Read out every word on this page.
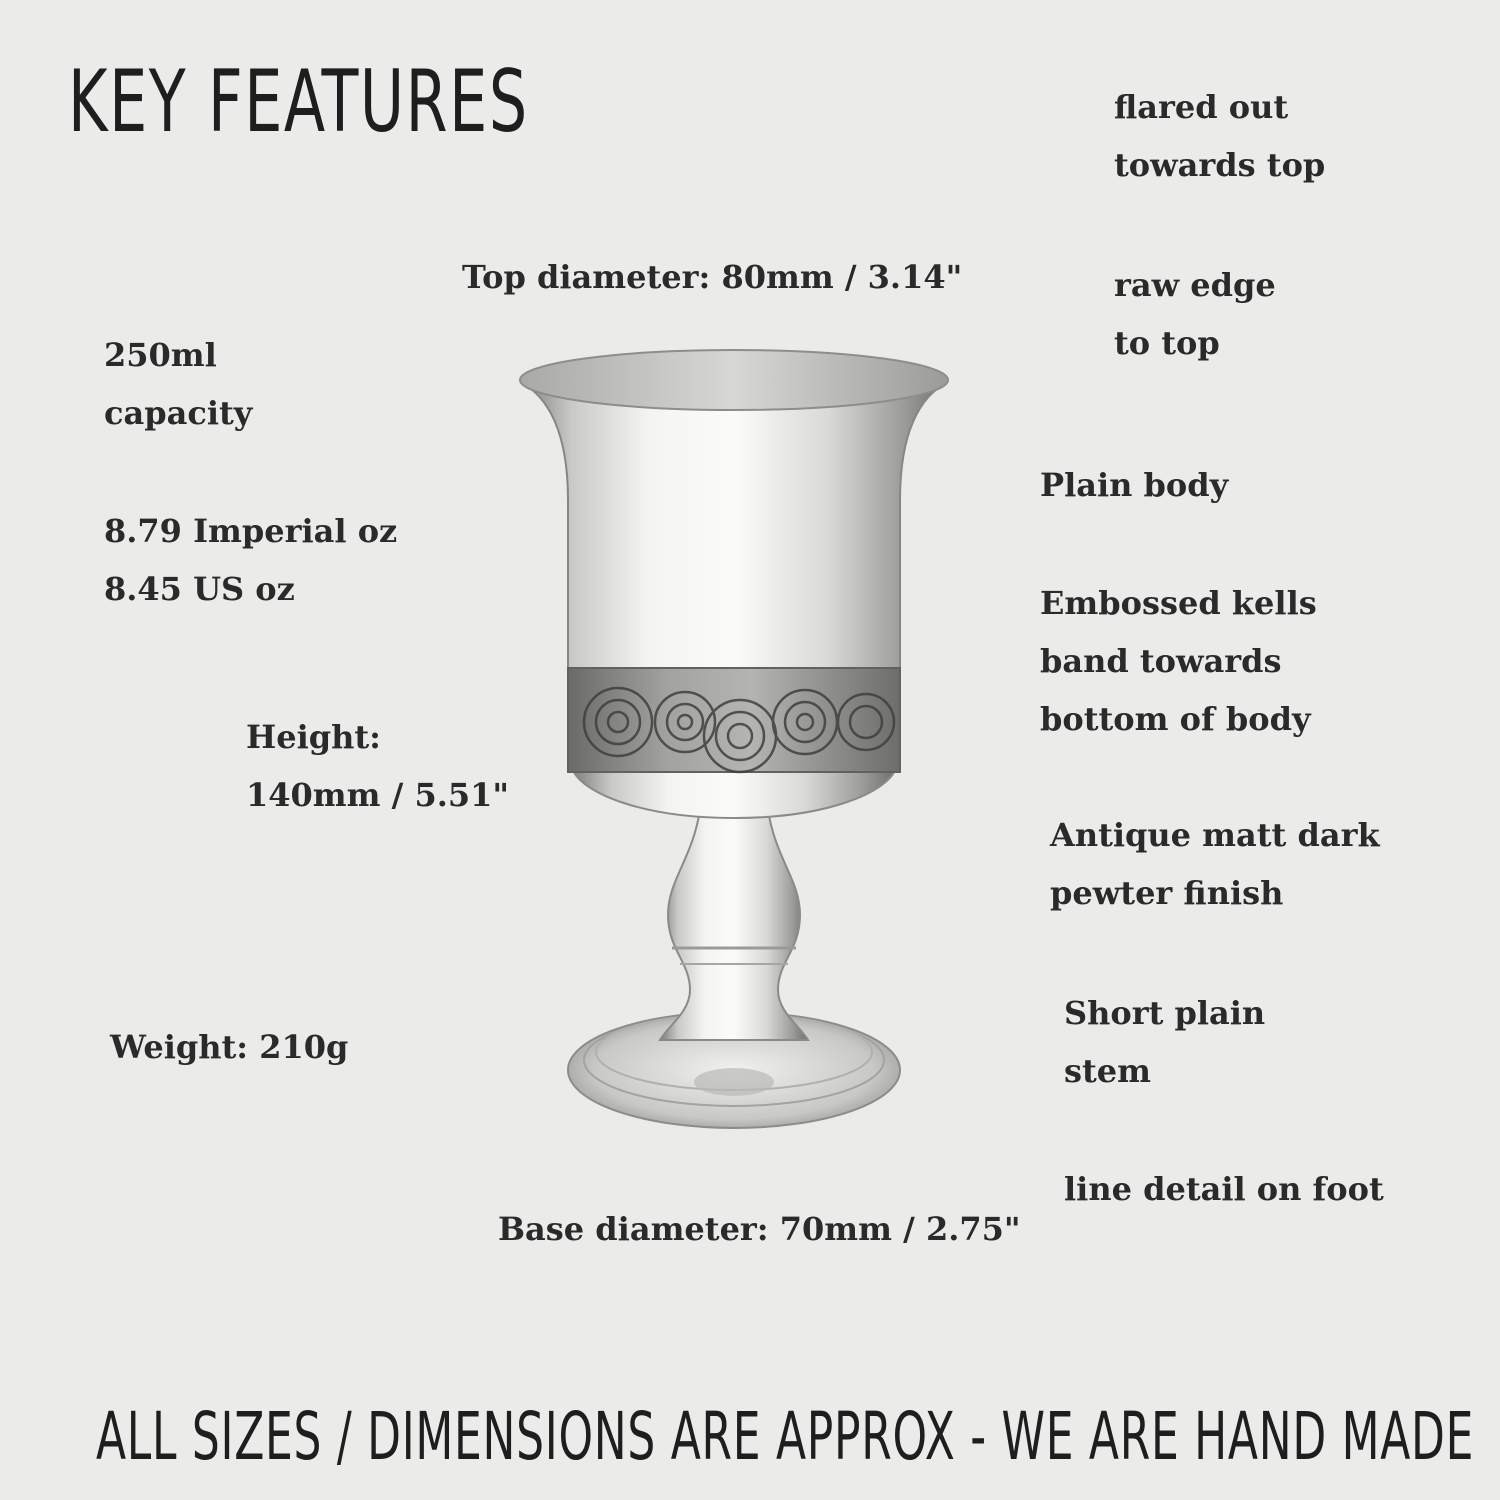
KEY FEATURES
Top diameter: 80mm / 3.14"
250ml
capacity
8.79 Imperial oz
8.45 US oz
Height:
140mm / 5.51"
Weight: 210g
flared out
towards top
raw edge
to top
Plain body
Embossed kells
band towards
bottom of body
Antique matt dark
pewter finish
Short plain
stem
line detail on foot
Base diameter: 70mm / 2.75"
ALL SIZES / DIMENSIONS ARE APPROX - WE ARE HAND MADE
